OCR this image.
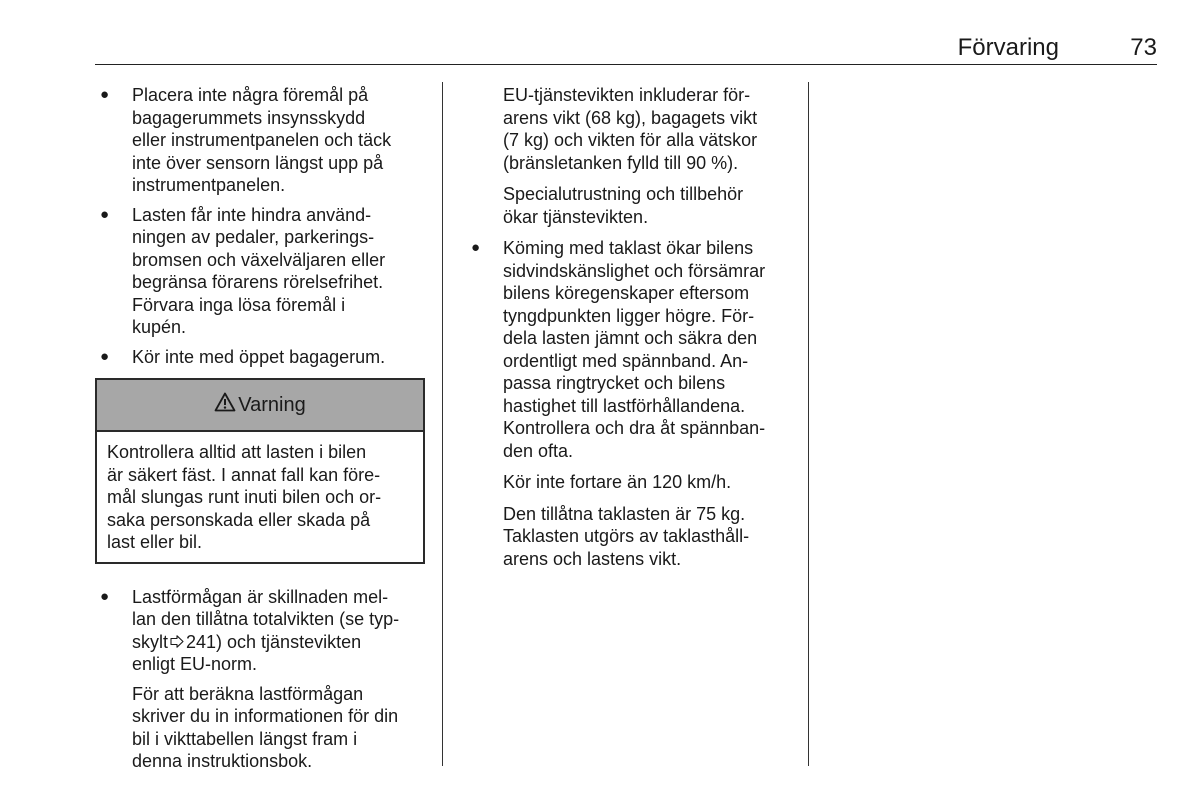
Förvaring	73
● Placera inte några föremål på
bagagerummets insynsskydd
eller instrumentpanelen och täck
inte över sensorn längst upp på
instrumentpanelen.
● Lasten får inte hindra använd-
ningen av pedaler, parkerings-
bromsen och växelväljaren eller
begränsa förarens rörelsefrihet.
Förvara inga lösa föremål i
kupén.
● Kör inte med öppet bagagerum.
Varning
Kontrollera alltid att lasten i bilen
är säkert fäst. I annat fall kan före-
mål slungas runt inuti bilen och or-
saka personskada eller skada på
last eller bil.
● Lastförmågan är skillnaden mel-
lan den tillåtna totalvikten (se typ-
skylt 241) och tjänstevikten
enligt EU-norm.
För att beräkna lastförmågan
skriver du in informationen för din
bil i vikttabellen längst fram i
denna instruktionsbok.
EU-tjänstevikten inkluderar för-
arens vikt (68 kg), bagagets vikt
(7 kg) och vikten för alla vätskor
(bränsletanken fylld till 90 %).
Specialutrustning och tillbehör
ökar tjänstevikten.
● Köming med taklast ökar bilens
sidvindskänslighet och försämrar
bilens köregenskaper eftersom
tyngdpunkten ligger högre. För-
dela lasten jämnt och säkra den
ordentligt med spännband. An-
passa ringtrycket och bilens
hastighet till lastförhållandena.
Kontrollera och dra åt spännban-
den ofta.
Kör inte fortare än 120 km/h.
Den tillåtna taklasten är 75 kg.
Taklasten utgörs av taklasthåll-
arens och lastens vikt.
